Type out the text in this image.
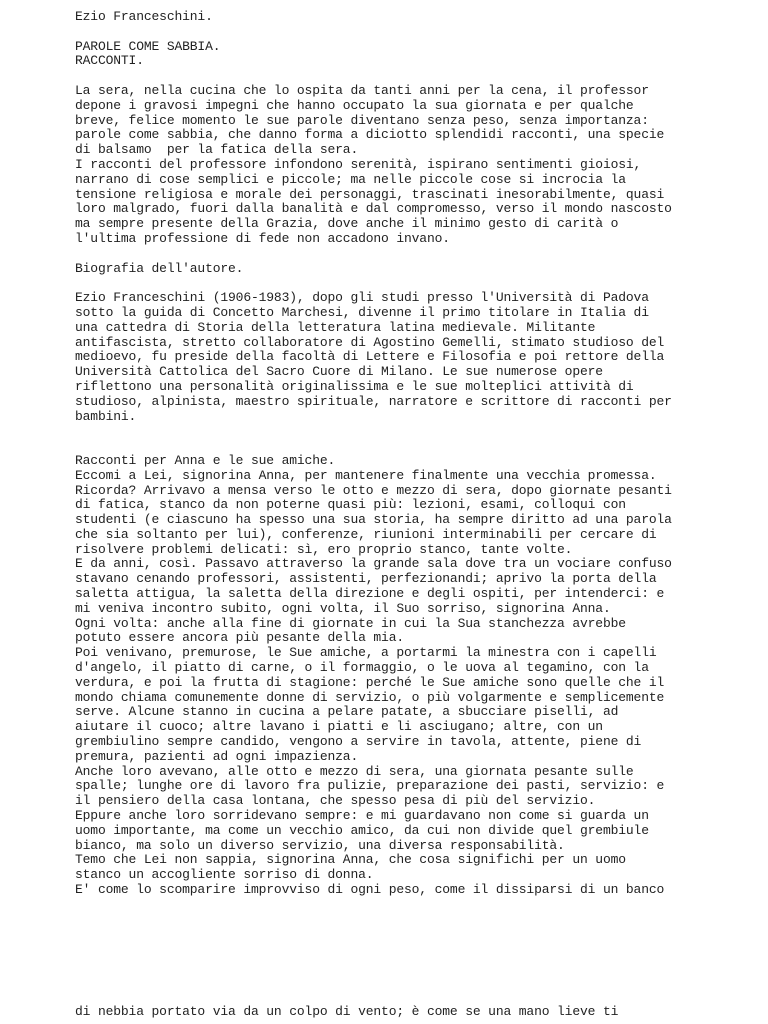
Ezio Franceschini.
PAROLE COME SABBIA.
RACCONTI.
La sera, nella cucina che lo ospita da tanti anni per la cena, il professor
depone i gravosi impegni che hanno occupato la sua giornata e per qualche
breve, felice momento le sue parole diventano senza peso, senza importanza:
parole come sabbia, che danno forma a diciotto splendidi racconti, una specie
di balsamo  per la fatica della sera.
I racconti del professore infondono serenità, ispirano sentimenti gioiosi,
narrano di cose semplici e piccole; ma nelle piccole cose si incrocia la
tensione religiosa e morale dei personaggi, trascinati inesorabilmente, quasi
loro malgrado, fuori dalla banalità e dal compromesso, verso il mondo nascosto
ma sempre presente della Grazia, dove anche il minimo gesto di carità o
l'ultima professione di fede non accadono invano.
Biografia dell'autore.
Ezio Franceschini (1906-1983), dopo gli studi presso l'Università di Padova
sotto la guida di Concetto Marchesi, divenne il primo titolare in Italia di
una cattedra di Storia della letteratura latina medievale. Militante
antifascista, stretto collaboratore di Agostino Gemelli, stimato studioso del
medioevo, fu preside della facoltà di Lettere e Filosofia e poi rettore della
Università Cattolica del Sacro Cuore di Milano. Le sue numerose opere
riflettono una personalità originalissima e le sue molteplici attività di
studioso, alpinista, maestro spirituale, narratore e scrittore di racconti per
bambini.
Racconti per Anna e le sue amiche.
Eccomi a Lei, signorina Anna, per mantenere finalmente una vecchia promessa.
Ricorda? Arrivavo a mensa verso le otto e mezzo di sera, dopo giornate pesanti
di fatica, stanco da non poterne quasi più: lezioni, esami, colloqui con
studenti (e ciascuno ha spesso una sua storia, ha sempre diritto ad una parola
che sia soltanto per lui), conferenze, riunioni interminabili per cercare di
risolvere problemi delicati: sì, ero proprio stanco, tante volte.
E da anni, così. Passavo attraverso la grande sala dove tra un vociare confuso
stavano cenando professori, assistenti, perfezionandi; aprivo la porta della
saletta attigua, la saletta della direzione e degli ospiti, per intenderci: e
mi veniva incontro subito, ogni volta, il Suo sorriso, signorina Anna.
Ogni volta: anche alla fine di giornate in cui la Sua stanchezza avrebbe
potuto essere ancora più pesante della mia.
Poi venivano, premurose, le Sue amiche, a portarmi la minestra con i capelli
d'angelo, il piatto di carne, o il formaggio, o le uova al tegamino, con la
verdura, e poi la frutta di stagione: perché le Sue amiche sono quelle che il
mondo chiama comunemente donne di servizio, o più volgarmente e semplicemente
serve. Alcune stanno in cucina a pelare patate, a sbucciare piselli, ad
aiutare il cuoco; altre lavano i piatti e li asciugano; altre, con un
grembiulino sempre candido, vengono a servire in tavola, attente, piene di
premura, pazienti ad ogni impazienza.
Anche loro avevano, alle otto e mezzo di sera, una giornata pesante sulle
spalle; lunghe ore di lavoro fra pulizie, preparazione dei pasti, servizio: e
il pensiero della casa lontana, che spesso pesa di più del servizio.
Eppure anche loro sorridevano sempre: e mi guardavano non come si guarda un
uomo importante, ma come un vecchio amico, da cui non divide quel grembiule
bianco, ma solo un diverso servizio, una diversa responsabilità.
Temo che Lei non sappia, signorina Anna, che cosa significhi per un uomo
stanco un accogliente sorriso di donna.
E' come lo scomparire improvviso di ogni peso, come il dissiparsi di un banco
di nebbia portato via da un colpo di vento; è come se una mano lieve ti
